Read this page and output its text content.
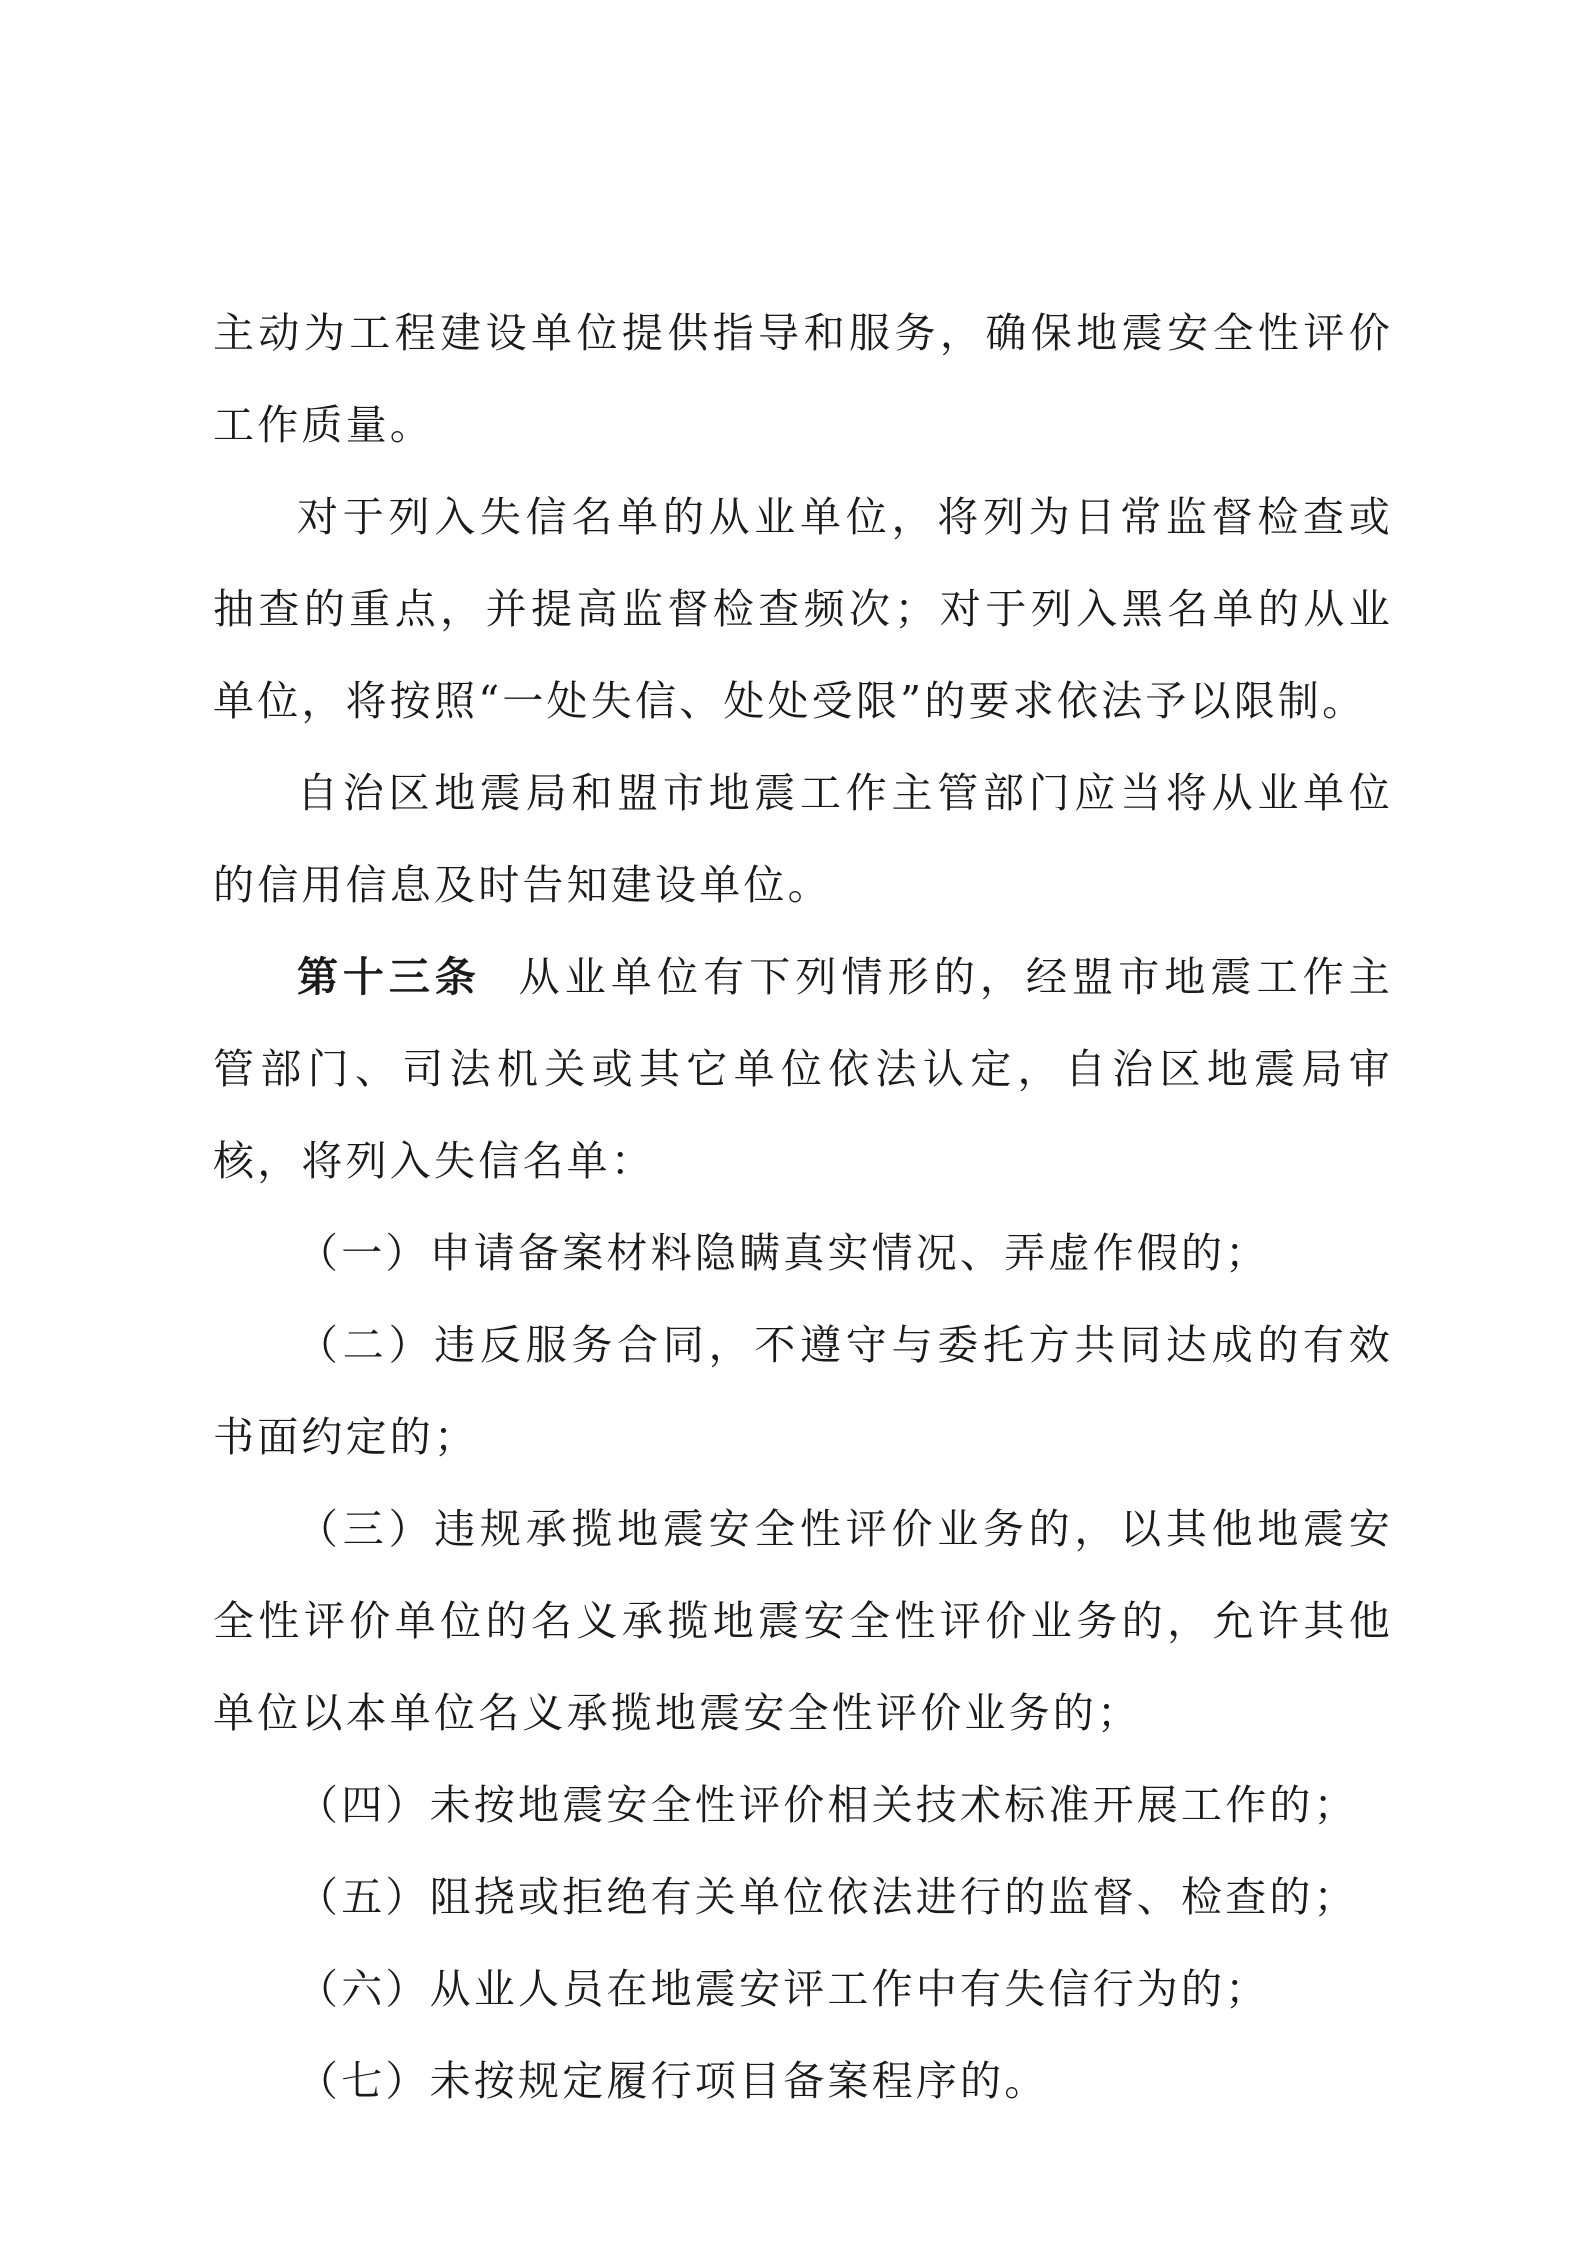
主动为工程建设单位提供指导和服务，确保地震安全性评价工作质量。

对于列入失信名单的从业单位，将列为日常监督检查或抽查的重点，并提高监督检查频次；对于列入黑名单的从业单位，将按照“一处失信、处处受限”的要求依法予以限制。

自治区地震局和盟市地震工作主管部门应当将从业单位的信用信息及时告知建设单位。

第十三条 从业单位有下列情形的，经盟市地震工作主管部门、司法机关或其它单位依法认定，自治区地震局审核，将列入失信名单：

（一）申请备案材料隐瞒真实情况、弄虚作假的；

（二）违反服务合同，不遵守与委托方共同达成的有效书面约定的；

（三）违规承揽地震安全性评价业务的，以其他地震安全性评价单位的名义承揽地震安全性评价业务的，允许其他单位以本单位名义承揽地震安全性评价业务的；

（四）未按地震安全性评价相关技术标准开展工作的；

（五）阻挠或拒绝有关单位依法进行的监督、检查的；

（六）从业人员在地震安评工作中有失信行为的；

（七）未按规定履行项目备案程序的。
